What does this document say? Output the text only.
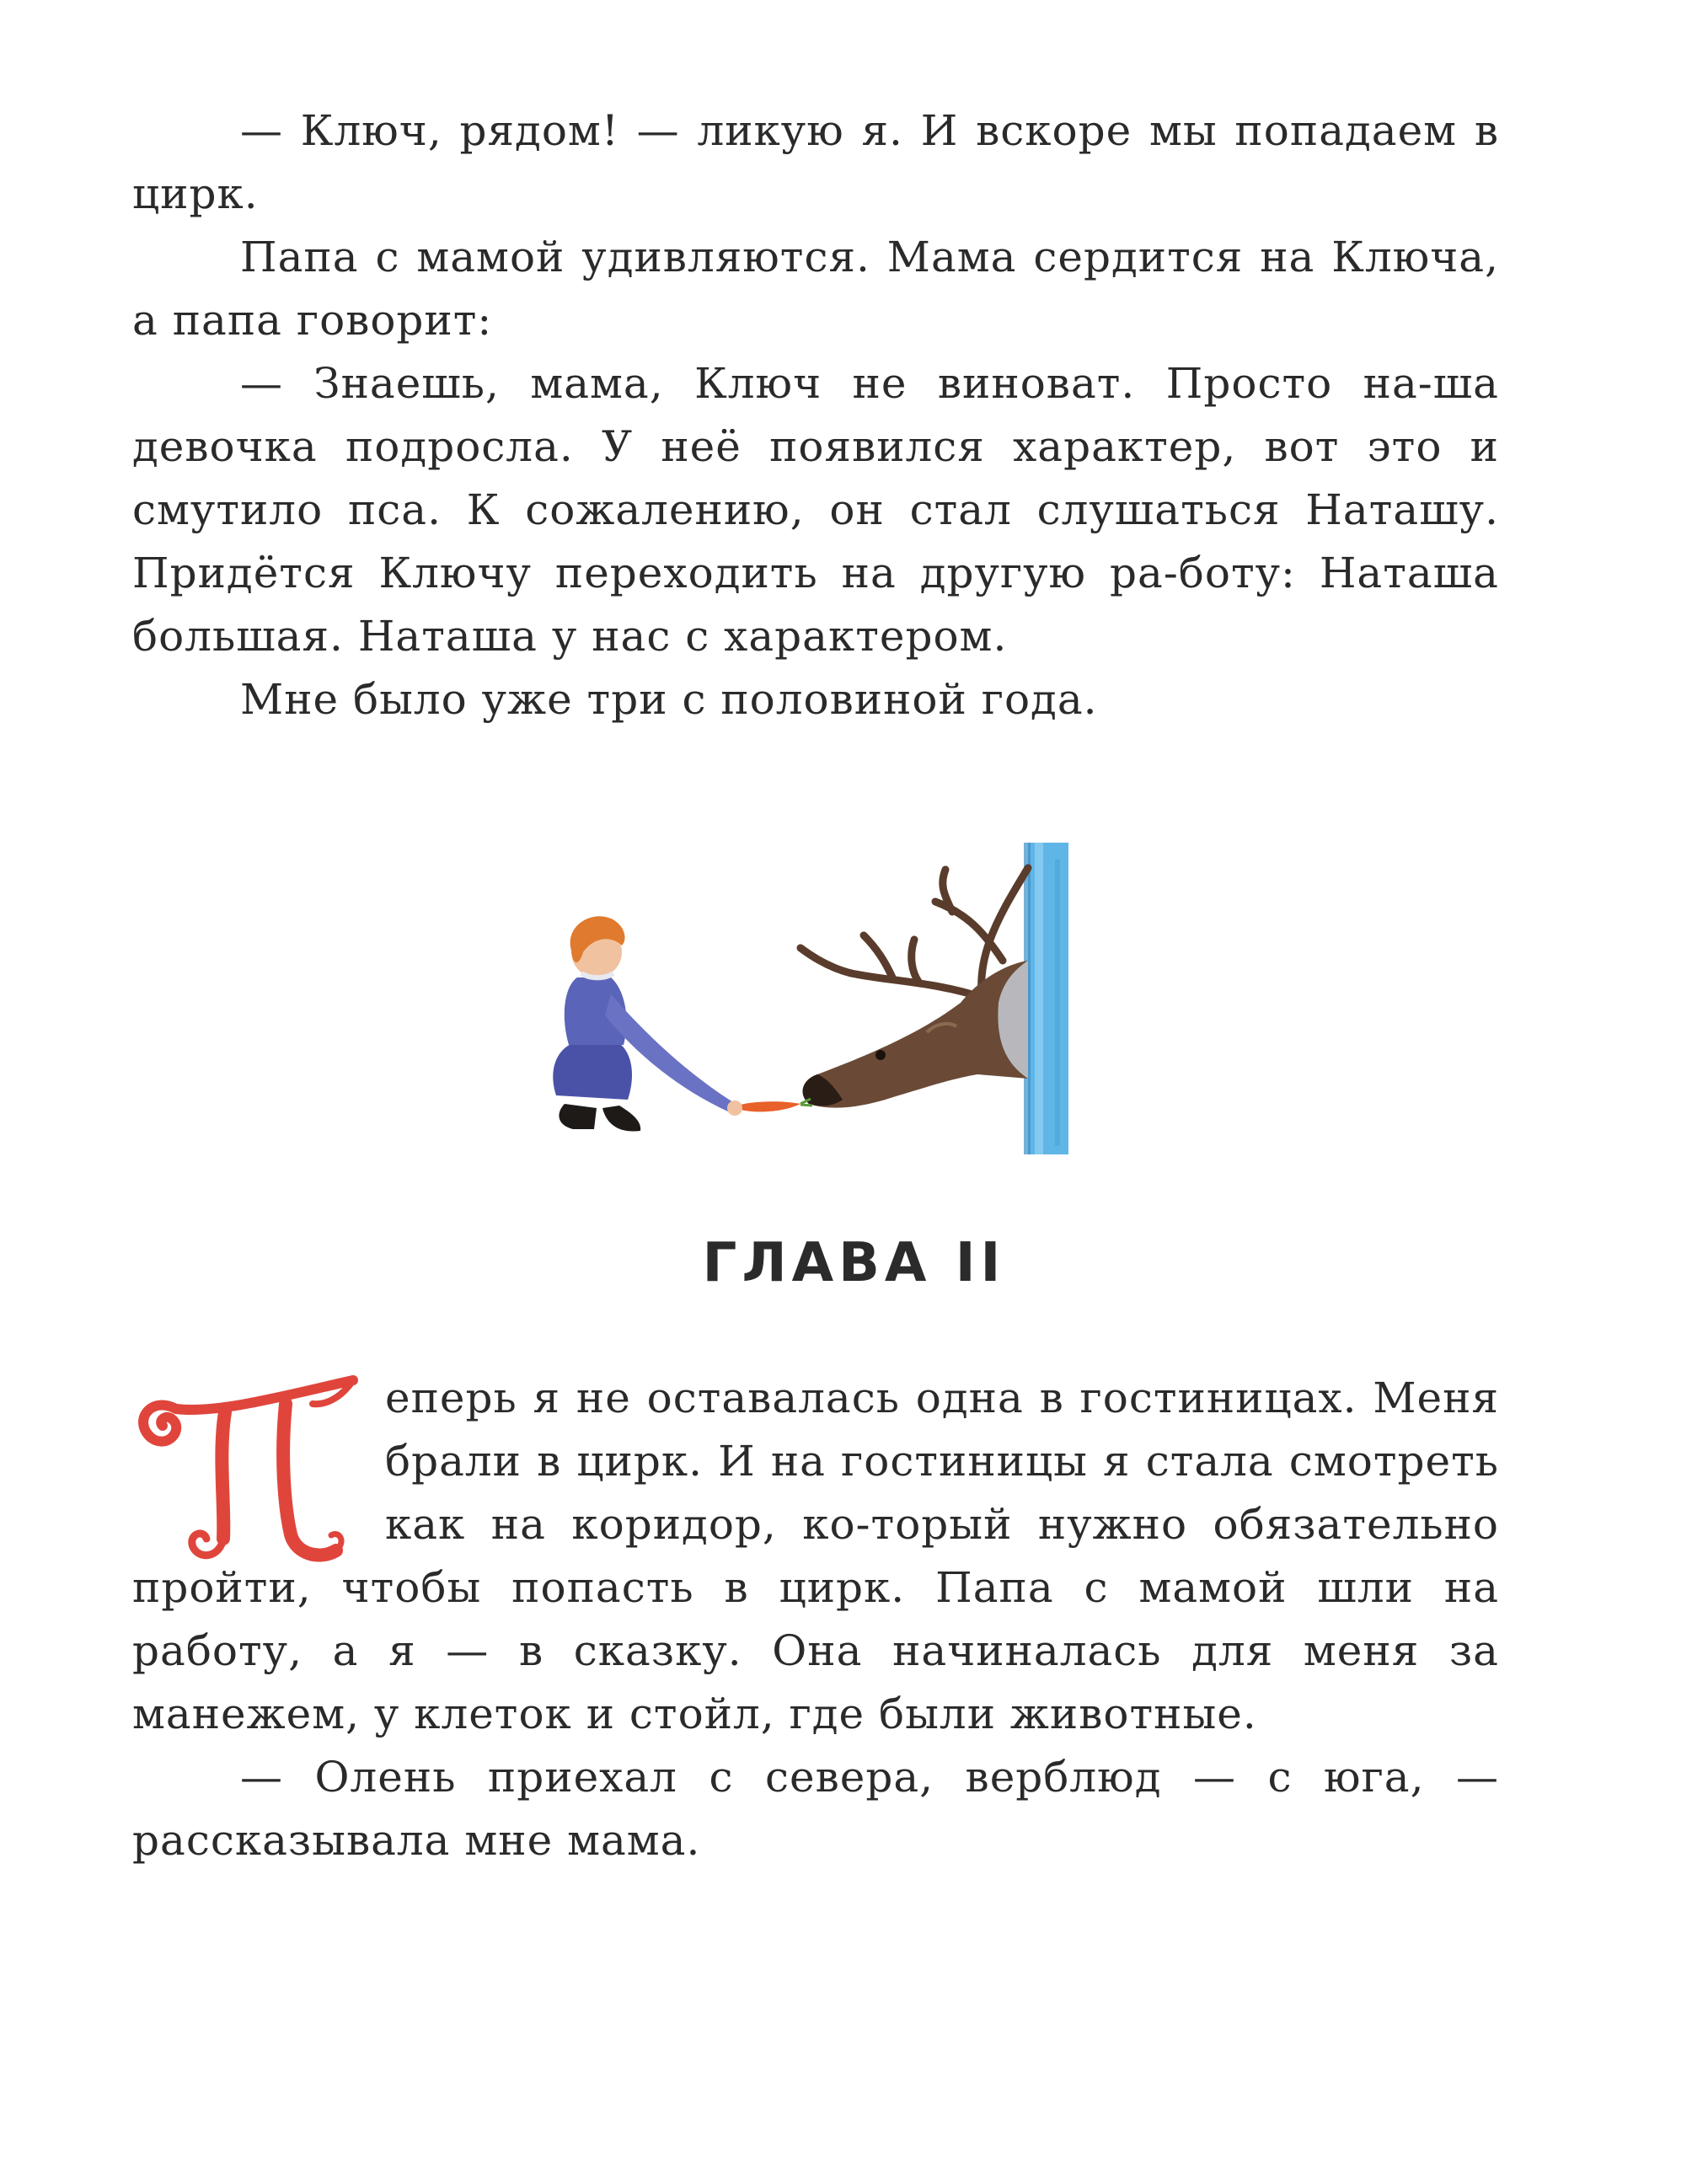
— Ключ, рядом! — ликую я. И вскоре мы попадаем в цирк.

Папа с мамой удивляются. Мама сердится на Ключа, а папа говорит:

— Знаешь, мама, Ключ не виноват. Просто на-ша девочка подросла. У неё появился характер, вот это и смутило пса. К сожалению, он стал слушаться Наташу. Придётся Ключу переходить на другую ра-боту: Наташа большая. Наташа у нас с характером.

Мне было уже три с половиной года.

ГЛАВА II

еперь я не оставалась одна в гостиницах. Меня брали в цирк. И на гостиницы я стала смотреть как на коридор, ко-торый нужно обязательно пройти, чтобы попасть в цирк. Папа с мамой шли на работу, а я — в сказку. Она начиналась для меня за манежем, у клеток и стойл, где были животные.

— Олень приехал с севера, верблюд — с юга, — рассказывала мне мама.
